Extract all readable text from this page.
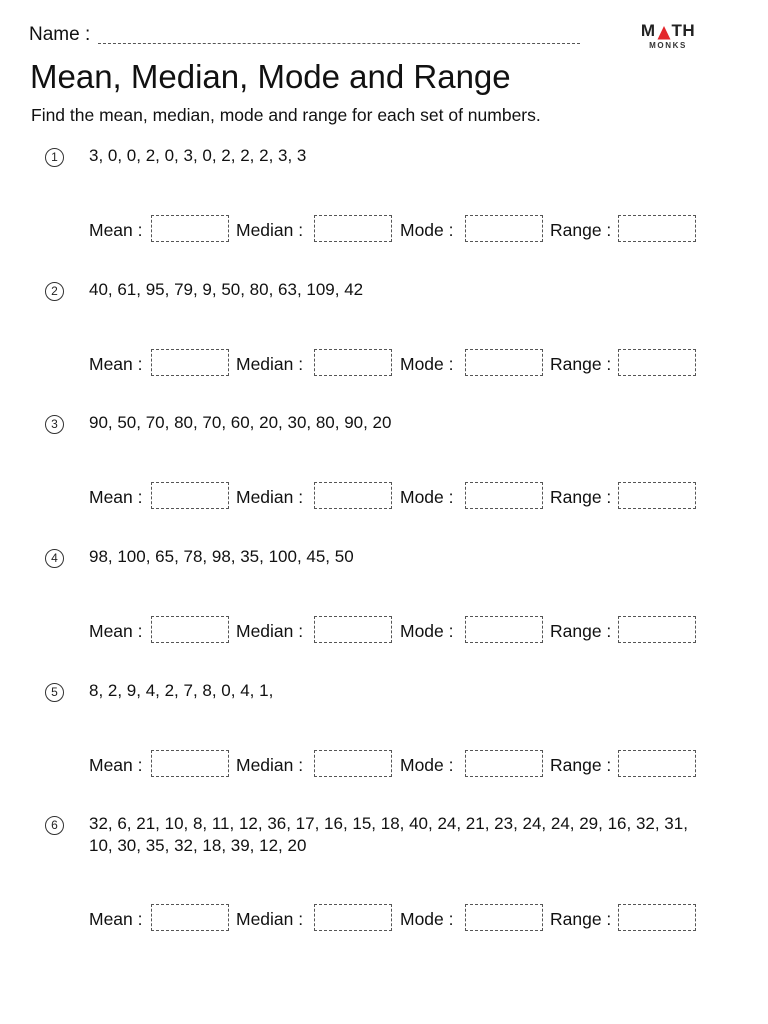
Name :	M TH
MONKS
Mean, Median, Mode and Range
Find the mean, median, mode and range for each set of numbers.
1	3, 0, 0, 2, 0, 3, 0, 2, 2, 2, 3, 3
Mean :	Median :	Mode :	Range :
2	40, 61, 95, 79, 9, 50, 80, 63, 109, 42
Mean :	Median :	Mode :	Range :
3	90, 50, 70, 80, 70, 60, 20, 30, 80, 90, 20
Mean :	Median :	Mode :	Range :
4	98, 100, 65, 78, 98, 35, 100, 45, 50
Mean :	Median :	Mode :	Range :
5	8, 2, 9, 4, 2, 7, 8, 0, 4, 1,
Mean :	Median :	Mode :	Range :
6	32, 6, 21, 10, 8, 11, 12, 36, 17, 16, 15, 18, 40, 24, 21, 23, 24, 24, 29, 16, 32, 31, 10, 30, 35, 32, 18, 39, 12, 20
Mean :	Median :	Mode :	Range :
